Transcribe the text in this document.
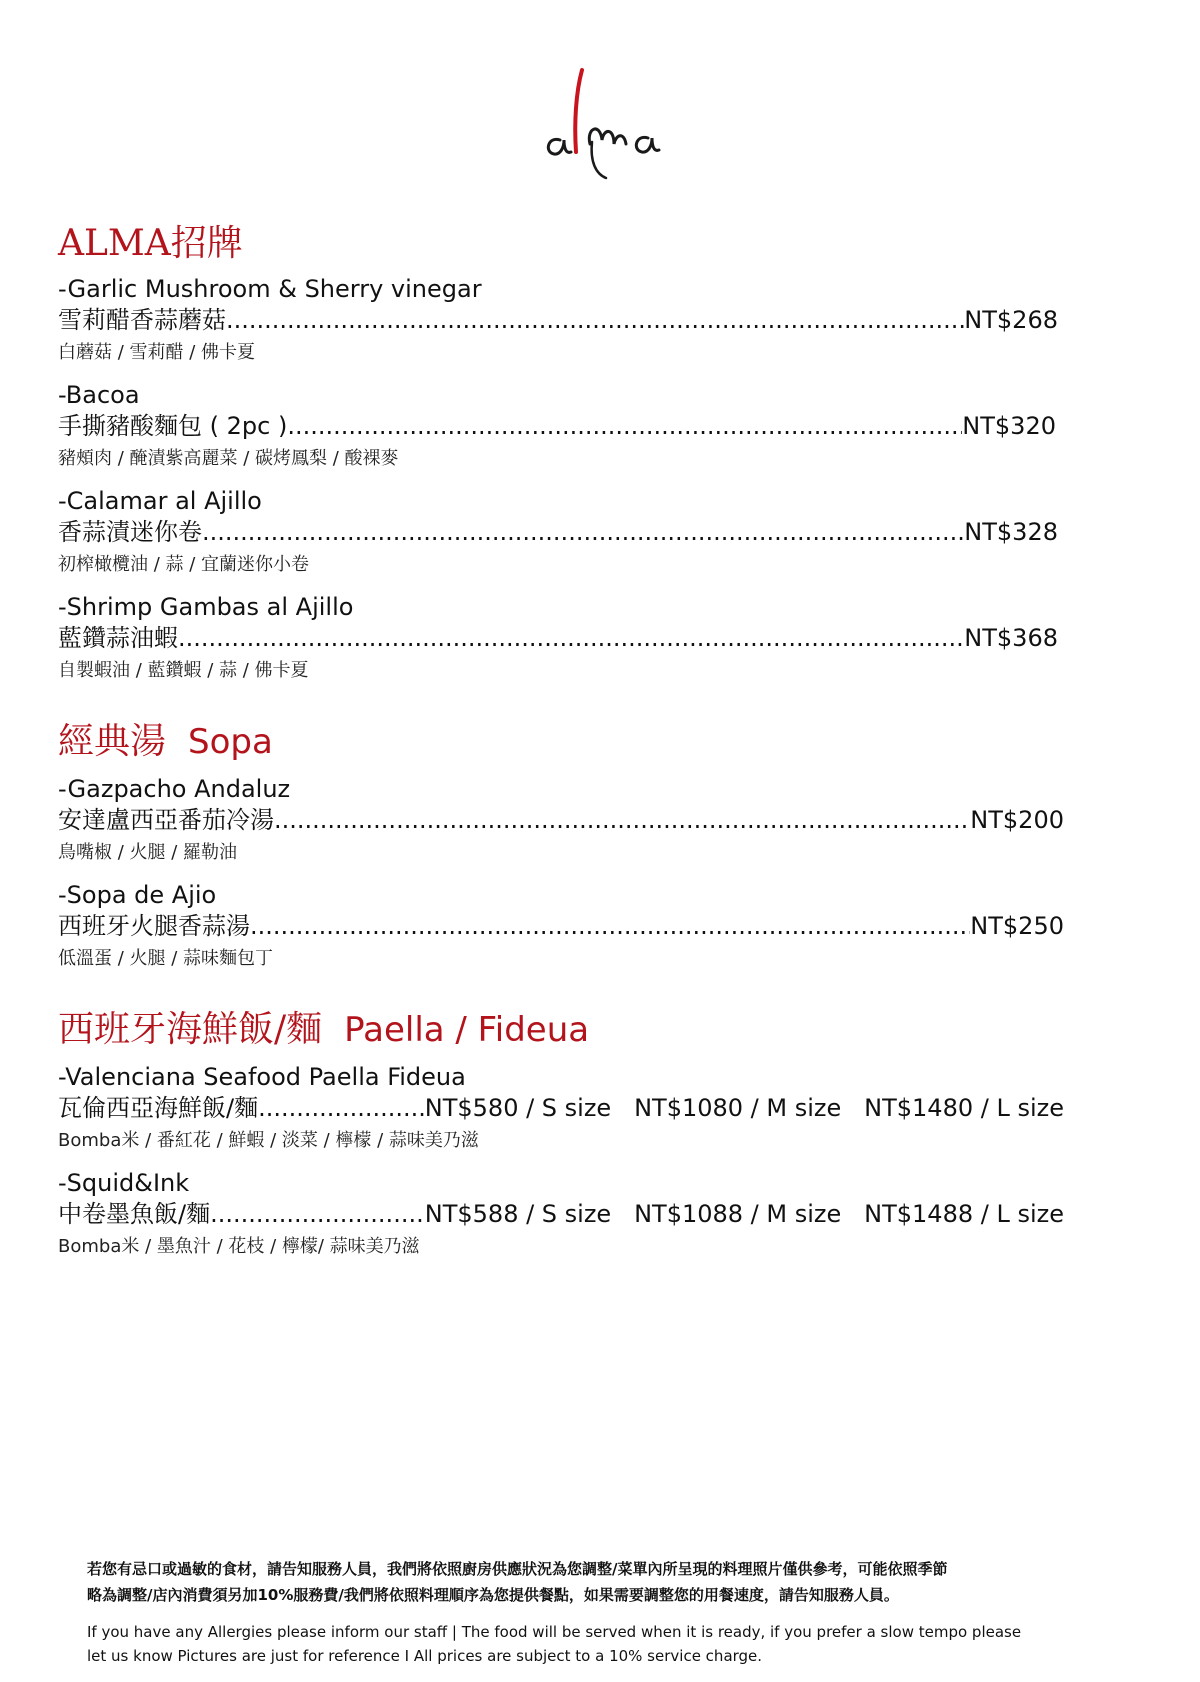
ALMA招牌
-Garlic Mushroom & Sherry vinegar
雪莉醋香蒜蘑菇 .....	NT$268
白蘑菇 / 雪莉醋 / 佛卡夏
-Bacoa
手撕豬酸麵包 ( 2pc ) .....	NT$320
豬頰肉 / 醃漬紫高麗菜 / 碳烤鳳梨 / 酸裸麥
-Calamar al Ajillo
香蒜漬迷你卷 .....	NT$328
初榨橄欖油 / 蒜 / 宜蘭迷你小卷
-Shrimp Gambas al Ajillo
藍鑽蒜油蝦 .....	NT$368
自製蝦油 / 藍鑽蝦 / 蒜 / 佛卡夏
經典湯 Sopa
-Gazpacho Andaluz
安達盧西亞番茄冷湯 .....	NT$200
鳥嘴椒 / 火腿 / 羅勒油
-Sopa de Ajio
西班牙火腿香蒜湯 .....	NT$250
低溫蛋 / 火腿 / 蒜味麵包丁
西班牙海鮮飯/麵 Paella / Fideua
-Valenciana Seafood Paella Fideua
瓦倫西亞海鮮飯/麵 .....	NT$580 / S size   NT$1080 / M size   NT$1480 / L size
Bomba米 / 番紅花 / 鮮蝦 / 淡菜 / 檸檬 / 蒜味美乃滋
-Squid&Ink
中卷墨魚飯/麵 .....	NT$588 / S size   NT$1088 / M size   NT$1488 / L size
Bomba米 / 墨魚汁 / 花枝 / 檸檬/ 蒜味美乃滋
若您有忌口或過敏的食材，請告知服務人員，我們將依照廚房供應狀況為您調整/菜單內所呈現的料理照片僅供參考，可能依照季節
略為調整/店內消費須另加10%服務費/我們將依照料理順序為您提供餐點，如果需要調整您的用餐速度，請告知服務人員。
If you have any Allergies please inform our staff | The food will be served when it is ready, if you prefer a slow tempo please
let us know Pictures are just for reference I All prices are subject to a 10% service charge.
